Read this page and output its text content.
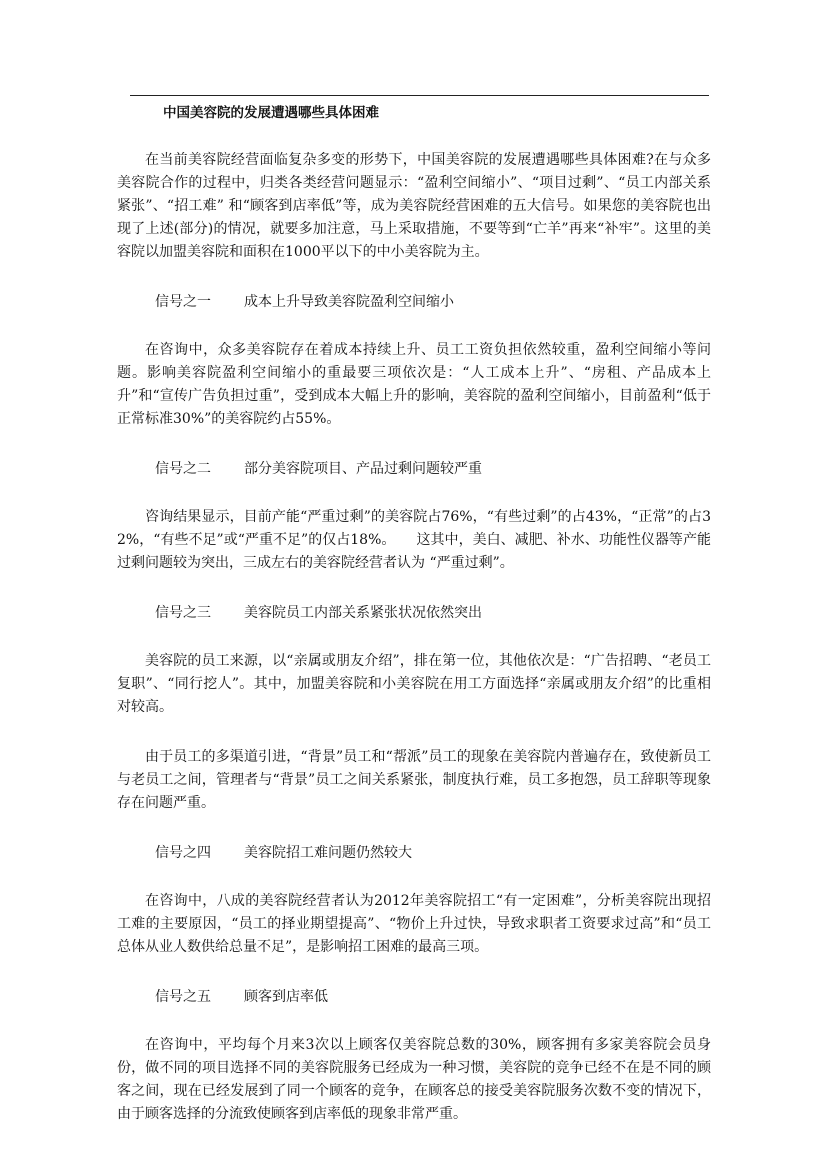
中国美容院的发展遭遇哪些具体困难

在当前美容院经营面临复杂多变的形势下，中国美容院的发展遭遇哪些具体困难?在与众多美容院合作的过程中，归类各类经营问题显示：“盈利空间缩小”、“项目过剩”、“员工内部关系紧张”、“招工难” 和“顾客到店率低”等，成为美容院经营困难的五大信号。如果您的美容院也出现了上述(部分)的情况，就要多加注意，马上采取措施，不要等到“亡羊”再来“补牢”。这里的美容院以加盟美容院和面积在1000平以下的中小美容院为主。

信号之一 成本上升导致美容院盈利空间缩小

在咨询中，众多美容院存在着成本持续上升、员工工资负担依然较重，盈利空间缩小等问题。影响美容院盈利空间缩小的重最要三项依次是：“人工成本上升”、“房租、产品成本上升”和“宣传广告负担过重”，受到成本大幅上升的影响，美容院的盈利空间缩小，目前盈利“低于正常标准30%”的美容院约占55%。

信号之二 部分美容院项目、产品过剩问题较严重

咨询结果显示，目前产能“严重过剩”的美容院占76%，“有些过剩”的占43%，“正常”的占32%，“有些不足”或“严重不足”的仅占18%。　　这其中，美白、减肥、补水、功能性仪器等产能过剩问题较为突出，三成左右的美容院经营者认为 “严重过剩”。

信号之三 美容院员工内部关系紧张状况依然突出

美容院的员工来源，以“亲属或朋友介绍”，排在第一位，其他依次是：“广告招聘、“老员工复职”、“同行挖人”。其中，加盟美容院和小美容院在用工方面选择“亲属或朋友介绍”的比重相对较高。

由于员工的多渠道引进，“背景”员工和“帮派”员工的现象在美容院内普遍存在，致使新员工与老员工之间，管理者与“背景”员工之间关系紧张，制度执行难，员工多抱怨，员工辞职等现象存在问题严重。

信号之四 美容院招工难问题仍然较大

在咨询中，八成的美容院经营者认为2012年美容院招工“有一定困难”，分析美容院出现招工难的主要原因，“员工的择业期望提高”、“物价上升过快，导致求职者工资要求过高”和“员工总体从业人数供给总量不足”，是影响招工困难的最高三项。

信号之五 顾客到店率低

在咨询中，平均每个月来3次以上顾客仅美容院总数的30%，顾客拥有多家美容院会员身份，做不同的项目选择不同的美容院服务已经成为一种习惯，美容院的竞争已经不在是不同的顾客之间，现在已经发展到了同一个顾客的竞争，在顾客总的接受美容院服务次数不变的情况下，由于顾客选择的分流致使顾客到店率低的现象非常严重。
